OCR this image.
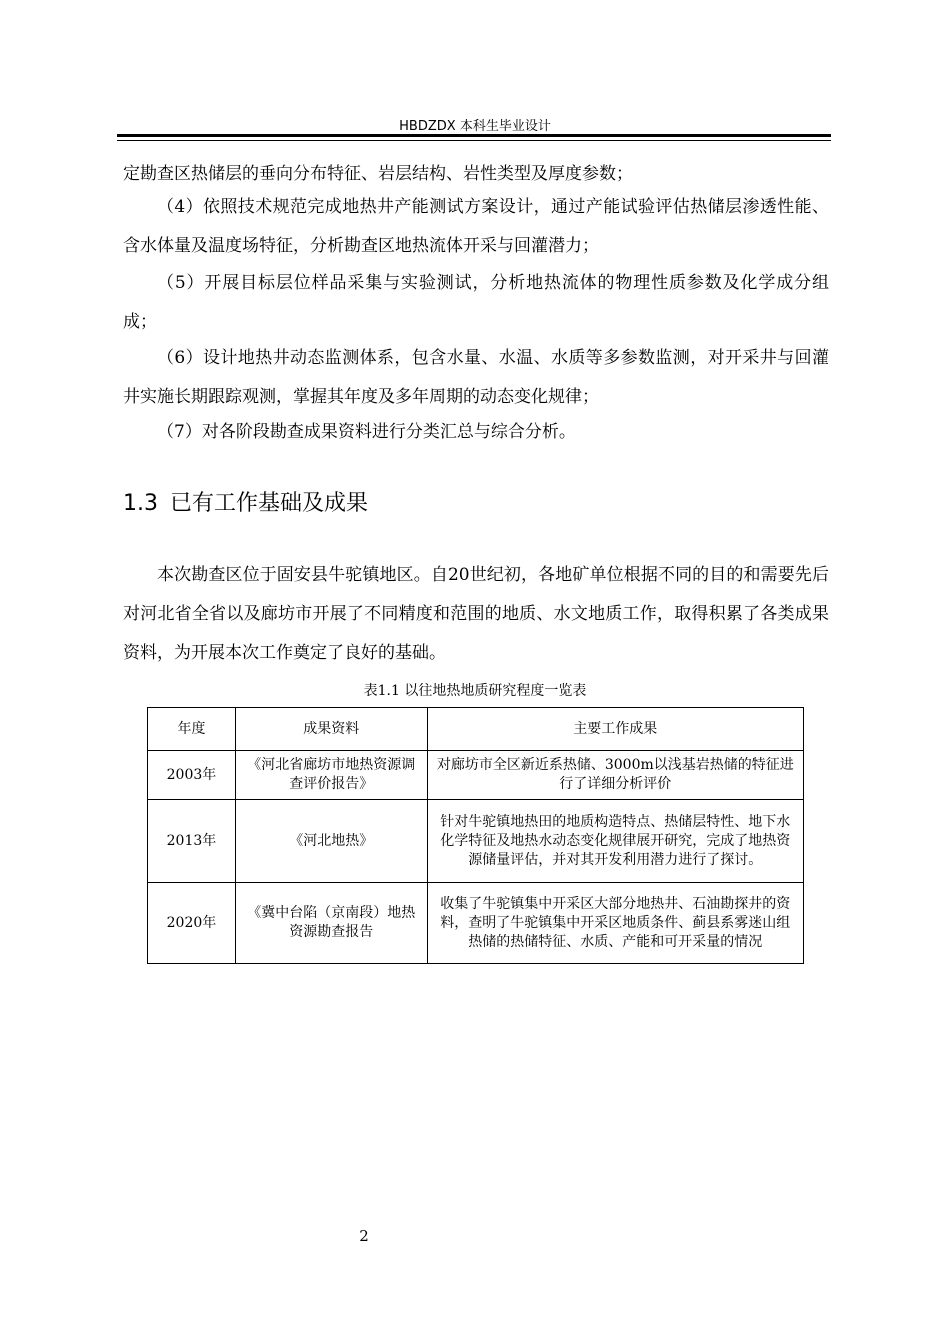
HBDZDX 本科生毕业设计

定勘查区热储层的垂向分布特征、岩层结构、岩性类型及厚度参数；

（4）依照技术规范完成地热井产能测试方案设计，通过产能试验评估热储层渗透性能、含水体量及温度场特征，分析勘查区地热流体开采与回灌潜力；

（5）开展目标层位样品采集与实验测试，分析地热流体的物理性质参数及化学成分组成；

（6）设计地热井动态监测体系，包含水量、水温、水质等多参数监测，对开采井与回灌井实施长期跟踪观测，掌握其年度及多年周期的动态变化规律；

（7）对各阶段勘查成果资料进行分类汇总与综合分析。

1.3 已有工作基础及成果

本次勘查区位于固安县牛驼镇地区。自20世纪初，各地矿单位根据不同的目的和需要先后对河北省全省以及廊坊市开展了不同精度和范围的地质、水文地质工作，取得积累了各类成果资料，为开展本次工作奠定了良好的基础。

表1.1 以往地热地质研究程度一览表
年度	成果资料	主要工作成果
2003年	《河北省廊坊市地热资源调查评价报告》	对廊坊市全区新近系热储、3000m以浅基岩热储的特征进行了详细分析评价
2013年	《河北地热》	针对牛驼镇地热田的地质构造特点、热储层特性、地下水化学特征及地热水动态变化规律展开研究，完成了地热资源储量评估，并对其开发利用潜力进行了探讨。
2020年	《冀中台陷（京南段）地热资源勘查报告	收集了牛驼镇集中开采区大部分地热井、石油勘探井的资料，查明了牛驼镇集中开采区地质条件、蓟县系雾迷山组热储的热储特征、水质、产能和可开采量的情况
2
